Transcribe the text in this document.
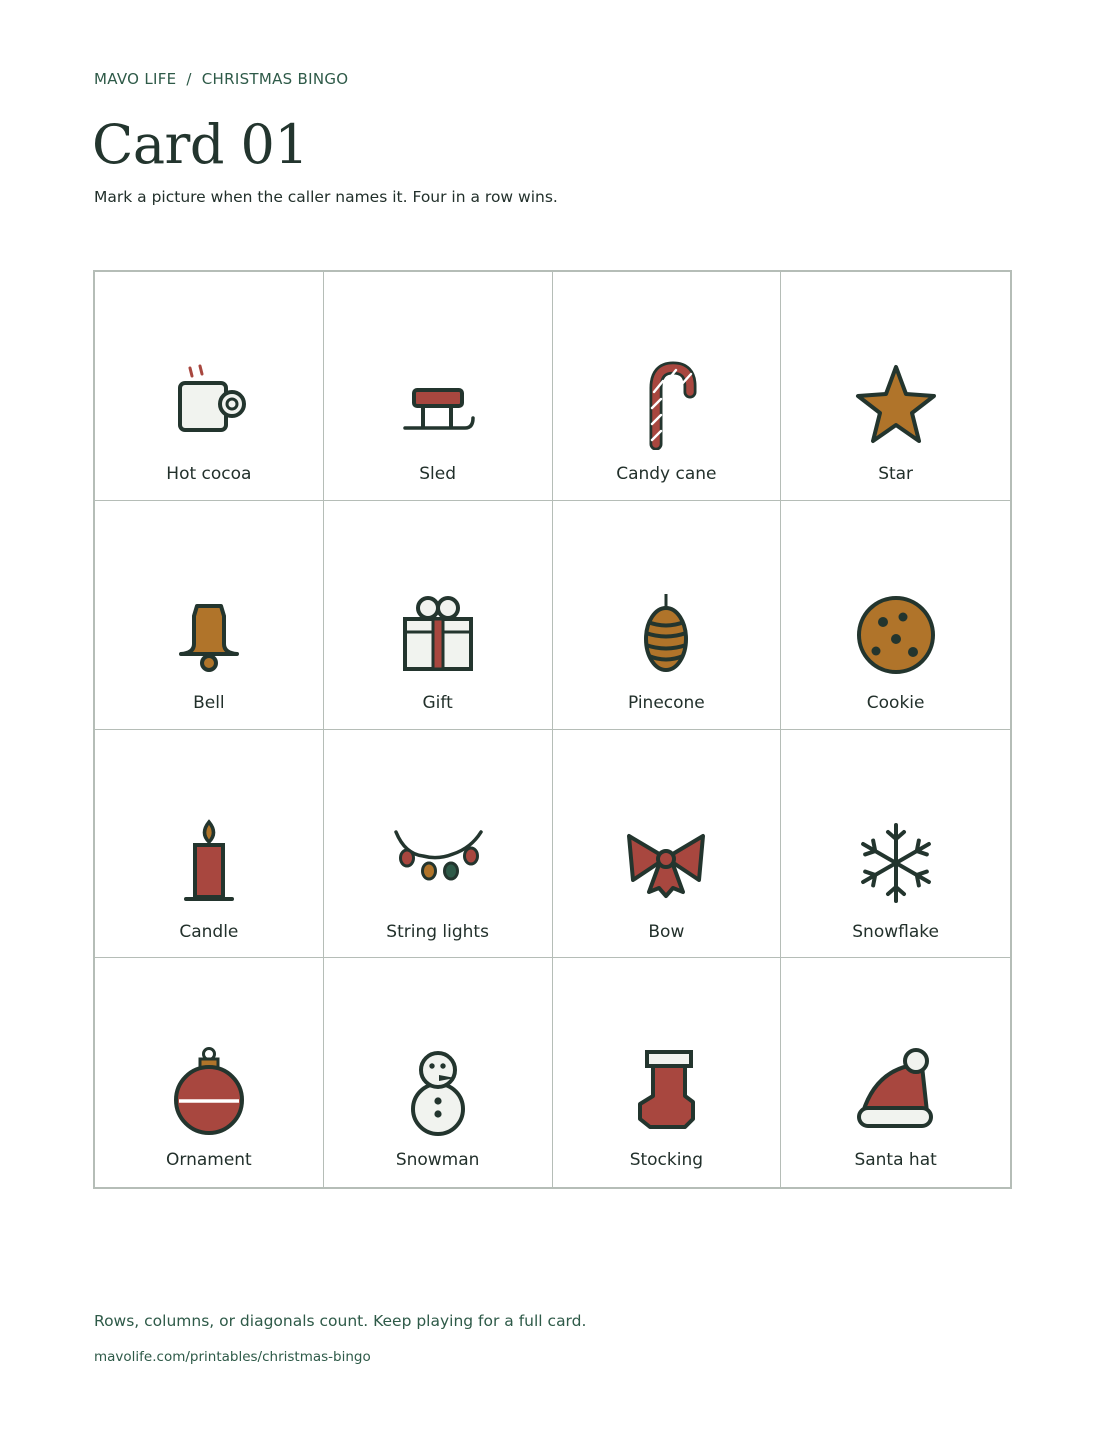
MAVO LIFE / CHRISTMAS BINGO
Card 01

Mark a picture when the caller names it. Four in a row wins.

Hot cocoa	Sled	Candy cane	Star
Bell	Gift	Pinecone	Cookie
Candle	String lights	Bow	Snowflake
Ornament	Snowman	Stocking	Santa hat

Rows, columns, or diagonals count. Keep playing for a full card.

mavolife.com/printables/christmas-bingo
